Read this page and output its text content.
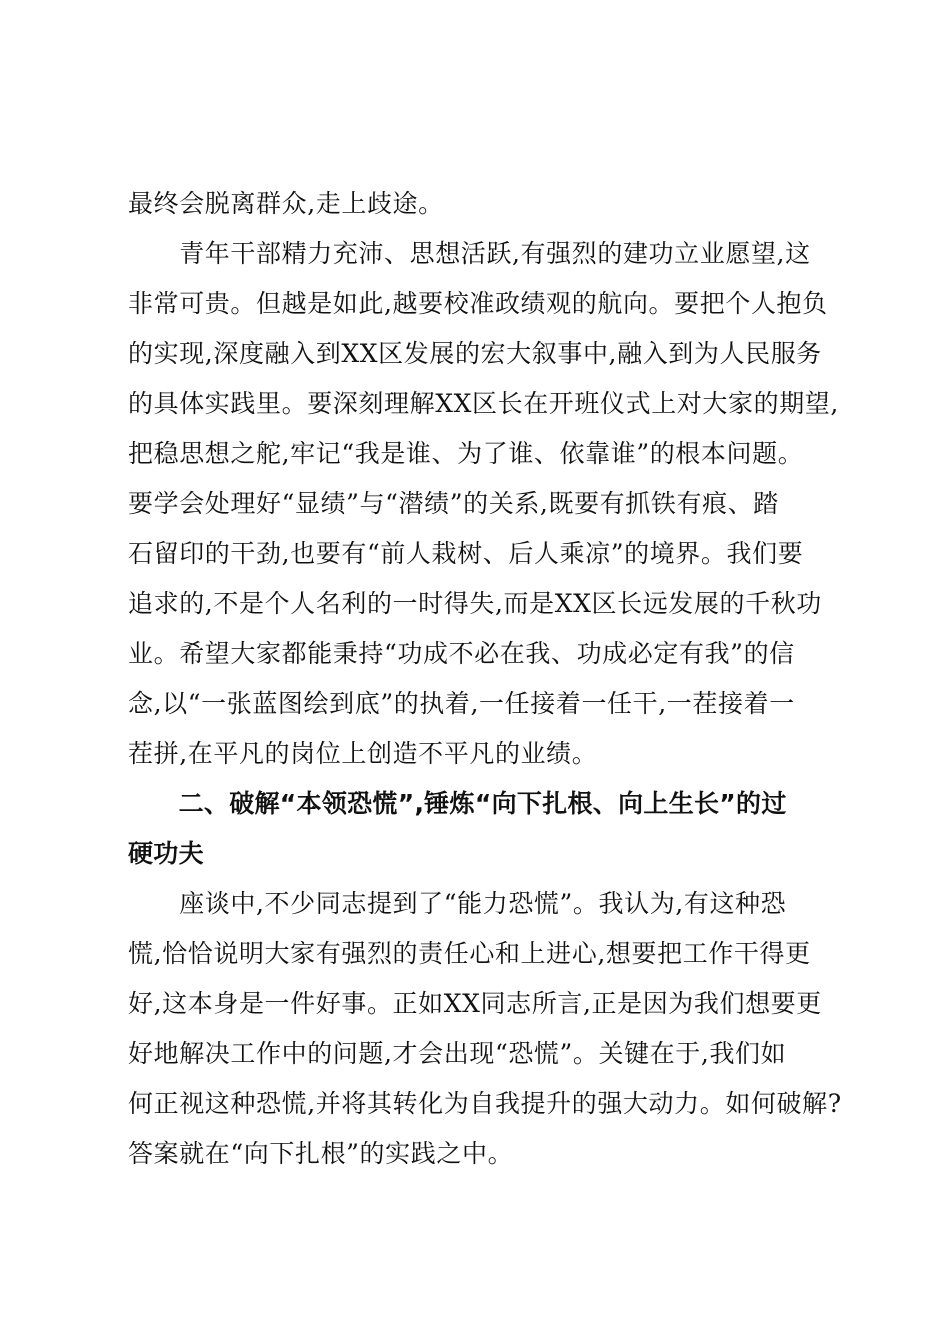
最终会脱离群众,走上歧途。
　　青年干部精力充沛、思想活跃,有强烈的建功立业愿望,这
非常可贵。但越是如此,越要校准政绩观的航向。要把个人抱负
的实现,深度融入到XX区发展的宏大叙事中,融入到为人民服务
的具体实践里。要深刻理解XX区长在开班仪式上对大家的期望,
把稳思想之舵,牢记“我是谁、为了谁、依靠谁”的根本问题。
要学会处理好“显绩”与“潜绩”的关系,既要有抓铁有痕、踏
石留印的干劲,也要有“前人栽树、后人乘凉”的境界。我们要
追求的,不是个人名利的一时得失,而是XX区长远发展的千秋功
业。希望大家都能秉持“功成不必在我、功成必定有我”的信
念,以“一张蓝图绘到底”的执着,一任接着一任干,一茬接着一
茬拼,在平凡的岗位上创造不平凡的业绩。
　　二、破解“本领恐慌”,锤炼“向下扎根、向上生长”的过
硬功夫
　　座谈中,不少同志提到了“能力恐慌”。我认为,有这种恐
慌,恰恰说明大家有强烈的责任心和上进心,想要把工作干得更
好,这本身是一件好事。正如XX同志所言,正是因为我们想要更
好地解决工作中的问题,才会出现“恐慌”。关键在于,我们如
何正视这种恐慌,并将其转化为自我提升的强大动力。如何破解?
答案就在“向下扎根”的实践之中。
